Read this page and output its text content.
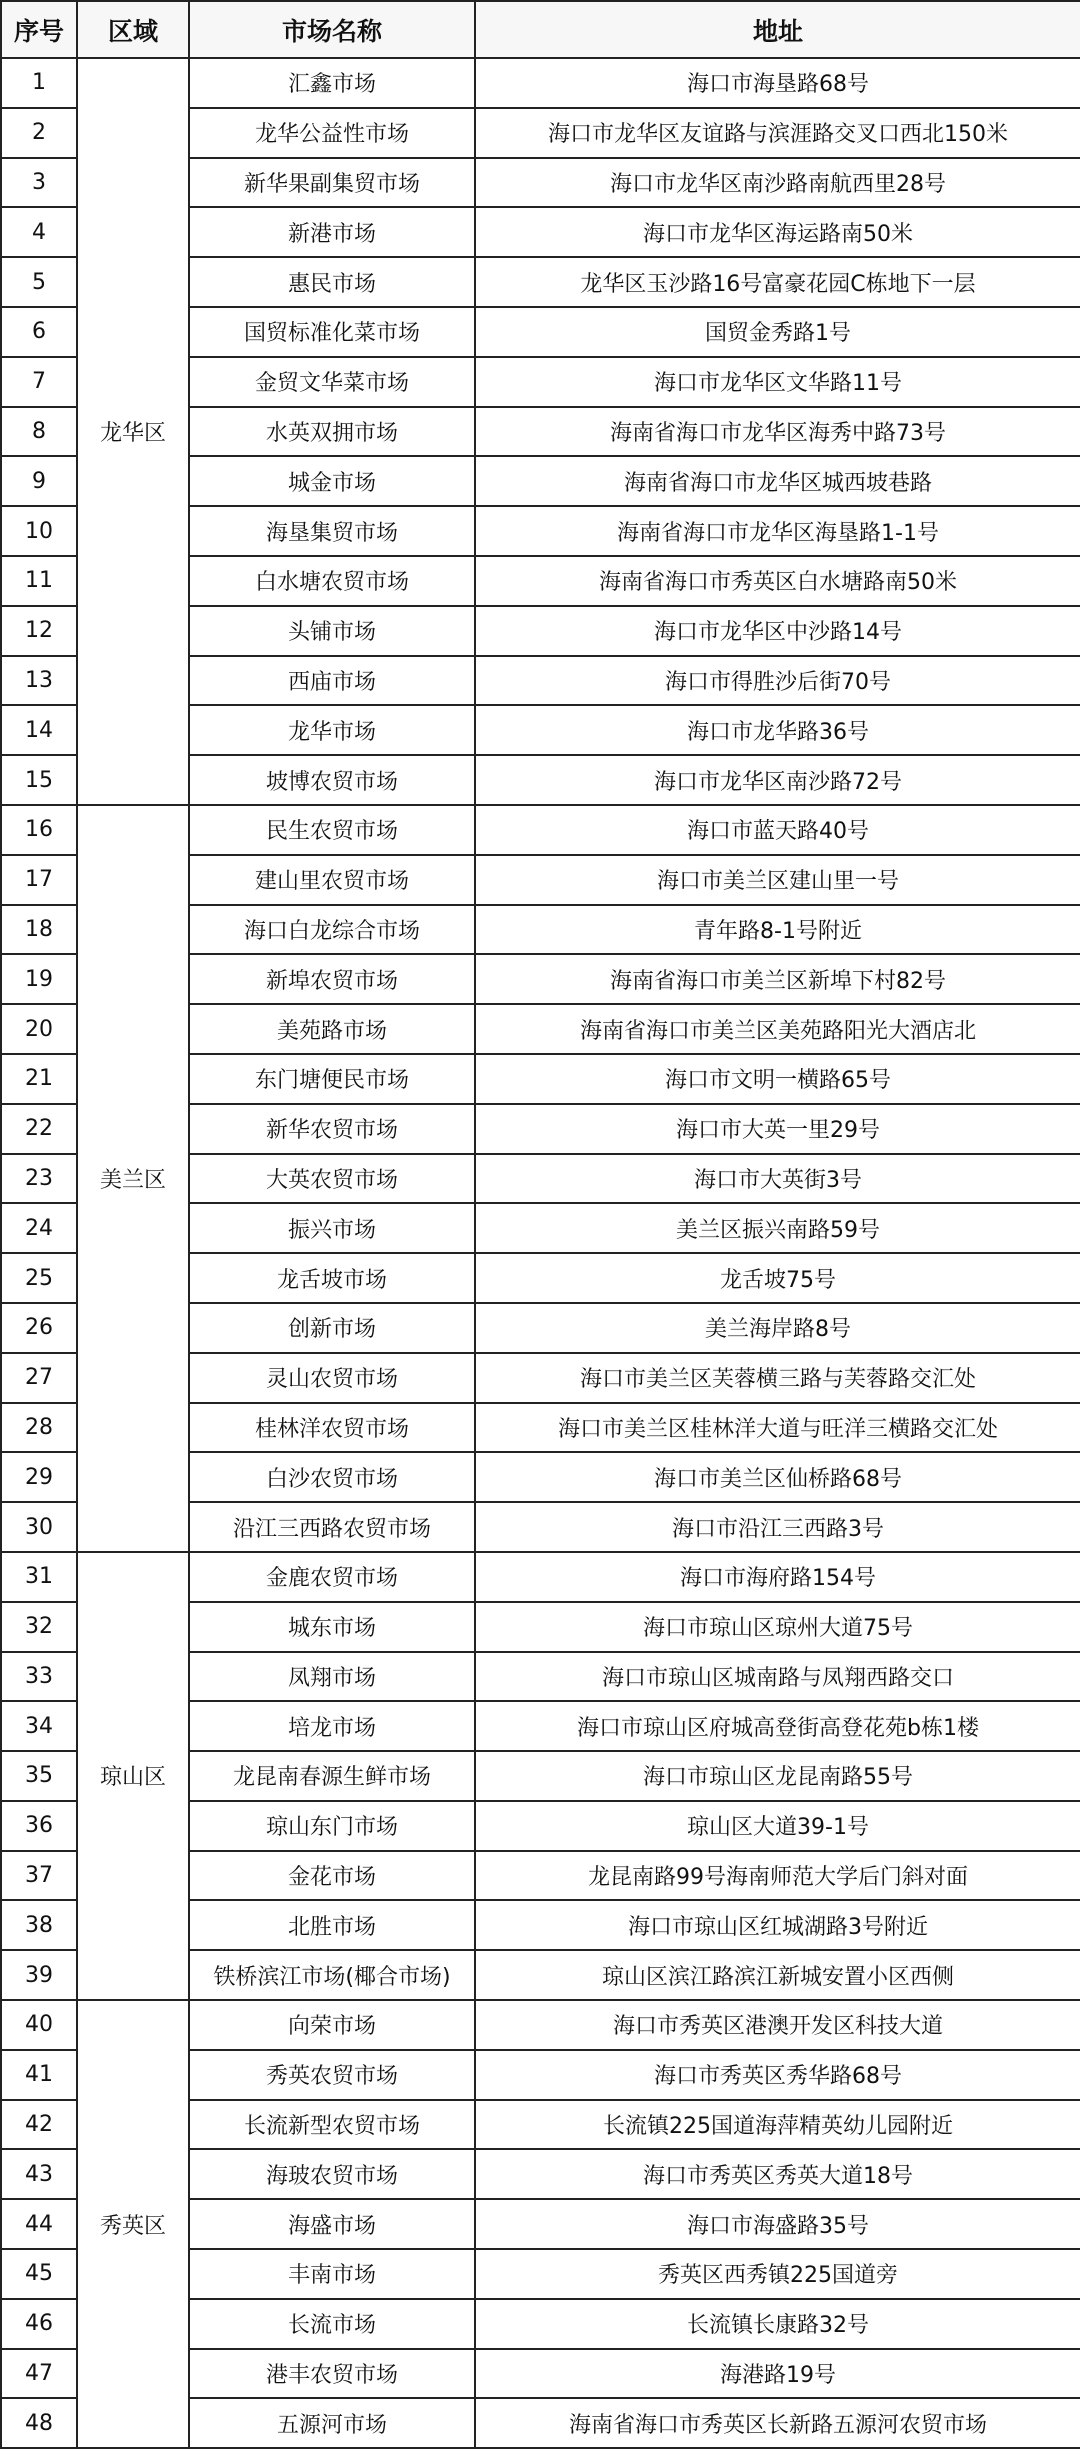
序号	区域	市场名称	地址
1	龙华区	汇鑫市场	海口市海垦路68号
2		龙华公益性市场	海口市龙华区友谊路与滨涯路交叉口西北150米
3		新华果副集贸市场	海口市龙华区南沙路南航西里28号
4		新港市场	海口市龙华区海运路南50米
5		惠民市场	龙华区玉沙路16号富豪花园C栋地下一层
6		国贸标准化菜市场	国贸金秀路1号
7		金贸文华菜市场	海口市龙华区文华路11号
8		水英双拥市场	海南省海口市龙华区海秀中路73号
9		城金市场	海南省海口市龙华区城西坡巷路
10		海垦集贸市场	海南省海口市龙华区海垦路1-1号
11		白水塘农贸市场	海南省海口市秀英区白水塘路南50米
12		头铺市场	海口市龙华区中沙路14号
13		西庙市场	海口市得胜沙后街70号
14		龙华市场	海口市龙华路36号
15		坡博农贸市场	海口市龙华区南沙路72号
16	美兰区	民生农贸市场	海口市蓝天路40号
17		建山里农贸市场	海口市美兰区建山里一号
18		海口白龙综合市场	青年路8-1号附近
19		新埠农贸市场	海南省海口市美兰区新埠下村82号
20		美苑路市场	海南省海口市美兰区美苑路阳光大酒店北
21		东门塘便民市场	海口市文明一横路65号
22		新华农贸市场	海口市大英一里29号
23		大英农贸市场	海口市大英街3号
24		振兴市场	美兰区振兴南路59号
25		龙舌坡市场	龙舌坡75号
26		创新市场	美兰海岸路8号
27		灵山农贸市场	海口市美兰区芙蓉横三路与芙蓉路交汇处
28		桂林洋农贸市场	海口市美兰区桂林洋大道与旺洋三横路交汇处
29		白沙农贸市场	海口市美兰区仙桥路68号
30		沿江三西路农贸市场	海口市沿江三西路3号
31	琼山区	金鹿农贸市场	海口市海府路154号
32		城东市场	海口市琼山区琼州大道75号
33		凤翔市场	海口市琼山区城南路与凤翔西路交口
34		培龙市场	海口市琼山区府城高登街高登花苑b栋1楼
35		龙昆南春源生鲜市场	海口市琼山区龙昆南路55号
36		琼山东门市场	琼山区大道39-1号
37		金花市场	龙昆南路99号海南师范大学后门斜对面
38		北胜市场	海口市琼山区红城湖路3号附近
39		铁桥滨江市场(椰合市场)	琼山区滨江路滨江新城安置小区西侧
40	秀英区	向荣市场	海口市秀英区港澳开发区科技大道
41		秀英农贸市场	海口市秀英区秀华路68号
42		长流新型农贸市场	长流镇225国道海萍精英幼儿园附近
43		海玻农贸市场	海口市秀英区秀英大道18号
44		海盛市场	海口市海盛路35号
45		丰南市场	秀英区西秀镇225国道旁
46		长流市场	长流镇长康路32号
47		港丰农贸市场	海港路19号
48		五源河市场	海南省海口市秀英区长新路五源河农贸市场
